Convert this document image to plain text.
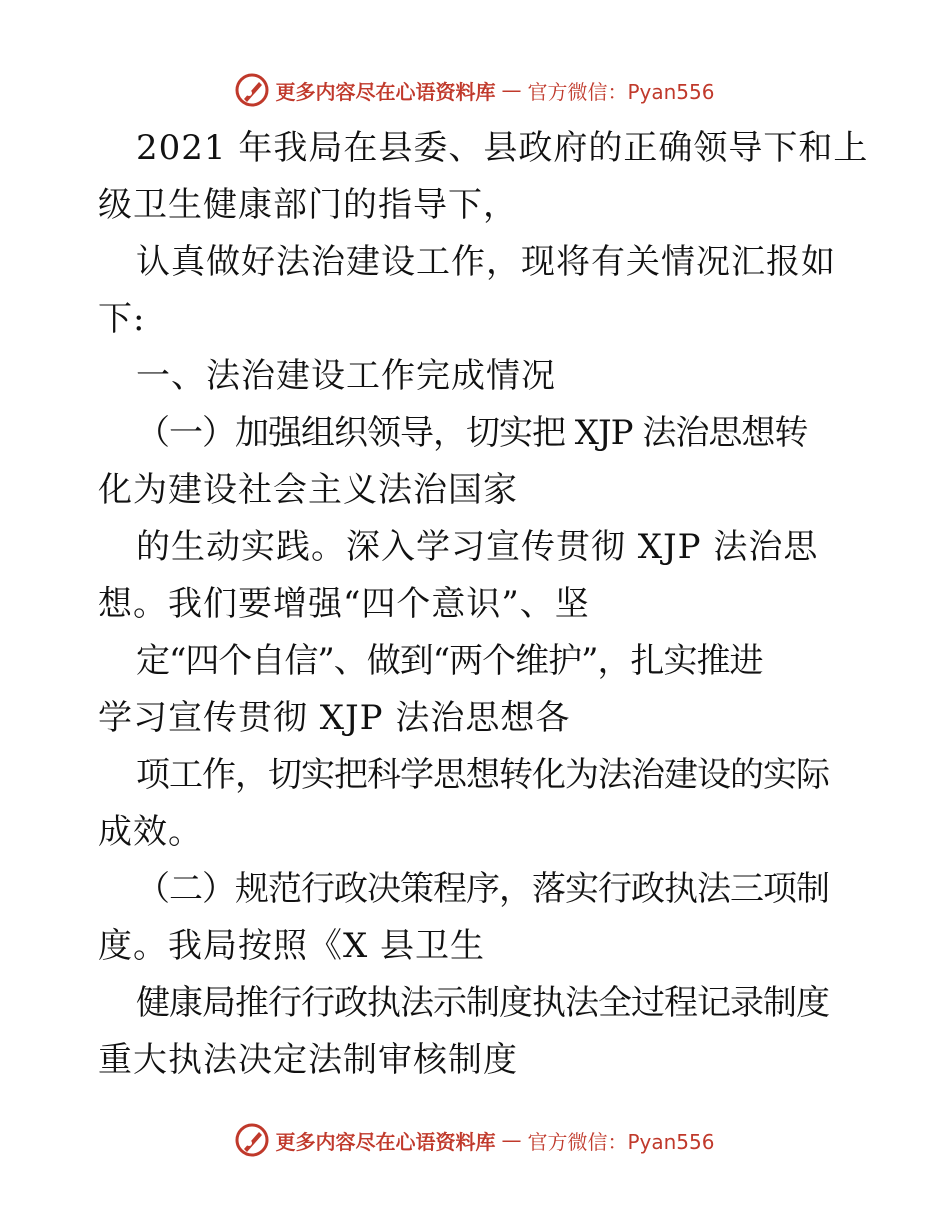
更多内容尽在心语资料库 — 官方微信：Pyan556
2021 年我局在县委、县政府的正确领导下和上
级卫生健康部门的指导下，
认真做好法治建设工作，现将有关情况汇报如
下:
一、法治建设工作完成情况
（一）加强组织领导，切实把 XJP 法治思想转
化为建设社会主义法治国家
的生动实践。深入学习宣传贯彻 XJP 法治思
想。我们要增强“四个意识”、坚
定“四个自信”、做到“两个维护”，扎实推进
学习宣传贯彻 XJP 法治思想各
项工作，切实把科学思想转化为法治建设的实际
成效。
（二）规范行政决策程序，落实行政执法三项制
度。我局按照《X 县卫生
健康局推行行政执法示制度执法全过程记录制度
重大执法决定法制审核制度
更多内容尽在心语资料库 — 官方微信：Pyan556
